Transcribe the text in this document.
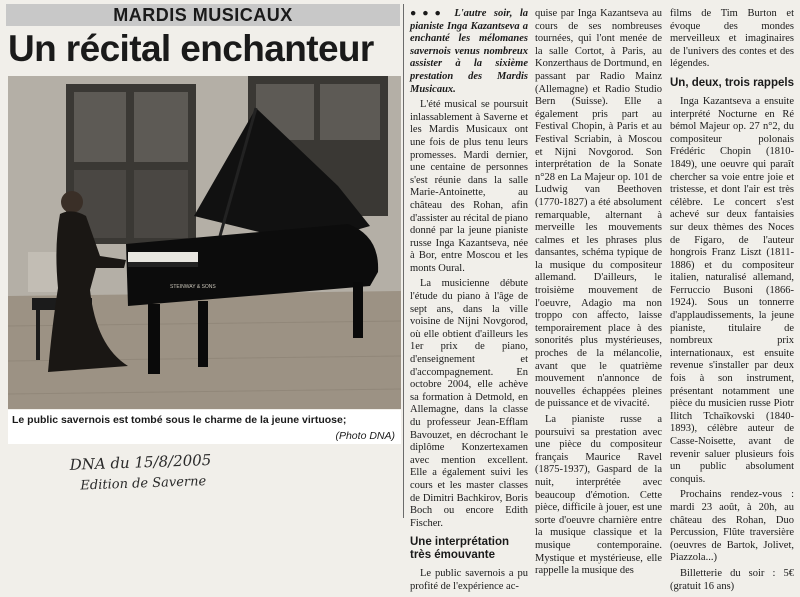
MARDIS MUSICAUX
Un récital enchanteur
STEINWAY & SONS
Le public savernois est tombé sous le charme de la jeune virtuose;
(Photo DNA)
DNA du 15/8/2005
Edition de Saverne

●●● L'autre soir, la pianiste Inga Kazantseva a enchanté les mélomanes savernois venus nombreux assister à la sixième prestation des Mardis Musicaux.

L'été musical se poursuit inlassablement à Saverne et les Mardis Musicaux ont une fois de plus tenu leurs promesses. Mardi dernier, une centaine de personnes s'est réunie dans la salle Marie-Antoinette, au château des Rohan, afin d'assister au récital de piano donné par la jeune pianiste russe Inga Kazantseva, née à Bor, entre Moscou et les monts Oural.

La musicienne débute l'étude du piano à l'âge de sept ans, dans la ville voisine de Nijni Novgorod, où elle obtient d'ailleurs les 1er prix de piano, d'enseignement et d'accompagnement. En octobre 2004, elle achève sa formation à Detmold, en Allemagne, dans la classe du professeur Jean-Efflam Bavouzet, en décrochant le diplôme Konzertexamen avec mention excellent. Elle a également suivi les cours et les master classes de Dimitri Bachkirov, Boris Boch ou encore Edith Fischer.

Une interprétation très émouvante

Le public savernois a pu profité de l'expérience ac-

quise par Inga Kazantseva au cours de ses nombreuses tournées, qui l'ont menée de la salle Cortot, à Paris, au Konzerthaus de Dortmund, en passant par Radio Mainz (Allemagne) et Radio Studio Bern (Suisse). Elle a également pris part au Festival Chopin, à Paris et au Festival Scriabin, à Moscou et Nijni Novgorod. Son interprétation de la Sonate n°28 en La Majeur op. 101 de Ludwig van Beethoven (1770-1827) a été absolument remarquable, alternant à merveille les mouvements calmes et les phrases plus dansantes, schéma typique de la musique du compositeur allemand. D'ailleurs, le troisième mouvement de l'oeuvre, Adagio ma non troppo con affecto, laisse temporairement place à des sonorités plus mystérieuses, proches de la mélancolie, avant que le quatrième mouvement n'annonce de nouvelles échappées pleines de puissance et de vivacité.

La pianiste russe a poursuivi sa prestation avec une pièce du compositeur français Maurice Ravel (1875-1937), Gaspard de la nuit, interprétée avec beaucoup d'émotion. Cette pièce, difficile à jouer, est une sorte d'oeuvre charnière entre la musique classique et la musique contemporaine. Mystique et mystérieuse, elle rappelle la musique des

films de Tim Burton et évoque des mondes merveilleux et imaginaires de l'univers des contes et des légendes.

Un, deux, trois rappels

Inga Kazantseva a ensuite interprété Nocturne en Ré bémol Majeur op. 27 n°2, du compositeur polonais Frédéric Chopin (1810-1849), une oeuvre qui paraît chercher sa voie entre joie et tristesse, et dont l'air est très célèbre. Le concert s'est achevé sur deux fantaisies sur deux thèmes des Noces de Figaro, de l'auteur hongrois Franz Liszt (1811-1886) et du compositeur italien, naturalisé allemand, Ferruccio Busoni (1866-1924). Sous un tonnerre d'applaudissements, la jeune pianiste, titulaire de nombreux prix internationaux, est ensuite revenue s'installer par deux fois à son instrument, présentant notamment une pièce du musicien russe Piotr Ilitch Tchaïkovski (1840-1893), célèbre auteur de Casse-Noisette, avant de revenir saluer plusieurs fois un public absolument conquis.

Prochains rendez-vous : mardi 23 août, à 20h, au château des Rohan, Duo Percussion, Flûte traversière (oeuvres de Bartok, Jolivet, Piazzola...)

Billetterie du soir : 5€ (gratuit 16 ans)
